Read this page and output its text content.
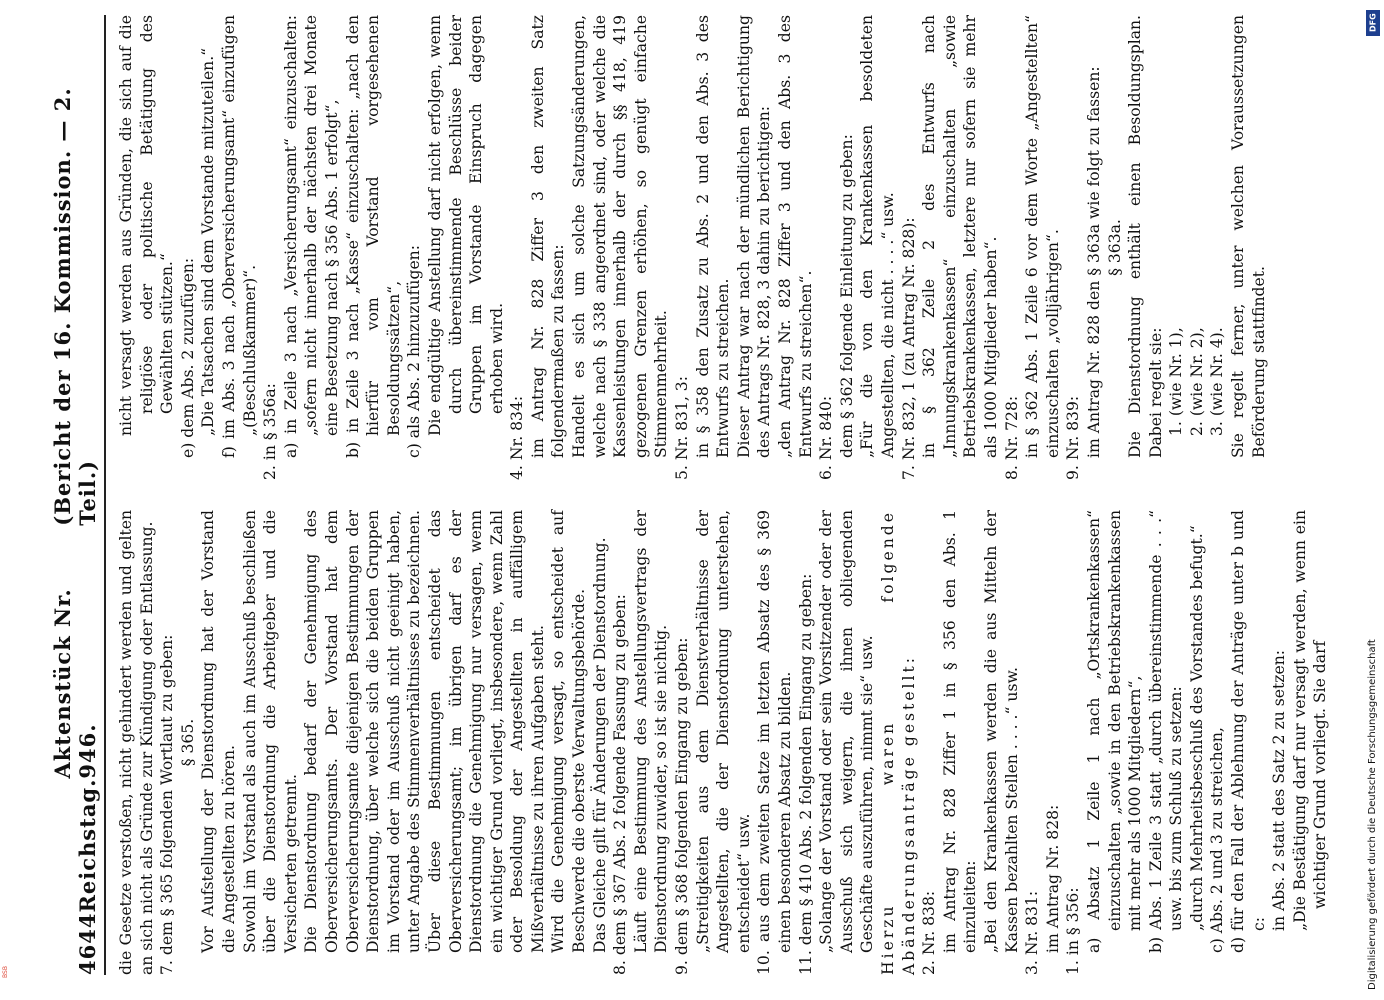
4644
Reichstag.
Aktenstück Nr. 946.
(Bericht der 16. Kommission. — 2. Teil.)

die Gesetze verstoßen, nicht gehindert werden und gelten an sich nicht als Gründe zur Kündigung oder Entlassung. 7. dem § 365 folgenden Wortlaut zu geben: § 365. Vor Aufstellung der Dienstordnung hat der Vorstand die Angestellten zu hören. Sowohl im Vorstand als auch im Ausschuß beschließen über die Dienstordnung die Arbeitgeber und die Versicherten getrennt. Die Dienstordnung bedarf der Genehmigung des Oberversicherungsamts. Der Vorstand hat dem Oberversicherungsamte diejenigen Bestimmungen der Dienstordnung, über welche sich die beiden Gruppen im Vorstand oder im Ausschuß nicht geeinigt haben, unter Angabe des Stimmenverhältnisses zu bezeichnen. Über diese Bestimmungen entscheidet das Oberversicherungsamt; im übrigen darf es der Dienstordnung die Genehmigung nur versagen, wenn ein wichtiger Grund vorliegt, insbesondere, wenn Zahl oder Besoldung der Angestellten in auffälligem Mißverhältnisse zu ihren Aufgaben steht. Wird die Genehmigung versagt, so entscheidet auf Beschwerde die oberste Verwaltungsbehörde. Das Gleiche gilt für Änderungen der Dienstordnung. 8. dem § 367 Abs. 2 folgende Fassung zu geben: Läuft eine Bestimmung des Anstellungsvertrags der Dienstordnung zuwider, so ist sie nichtig. 9. dem § 368 folgenden Eingang zu geben: „Streitigkeiten aus dem Dienstverhältnisse der Angestellten, die der Dienstordnung unterstehen, entscheidet“ usw. 10. aus dem zweiten Satze im letzten Absatz des § 369 einen besonderen Absatz zu bilden. 11. dem § 410 Abs. 2 folgenden Eingang zu geben: „Solange der Vorstand oder sein Vorsitzender oder der Ausschuß sich weigern, die ihnen obliegenden Geschäfte auszuführen, nimmt sie“ usw. Hierzu waren folgende Abänderungsanträge gestellt: 2. Nr. 838: im Antrag Nr. 828 Ziffer 1 in § 356 den Abs. 1 einzuleiten: „Bei den Krankenkassen werden die aus Mitteln der Kassen bezahlten Stellen . . . .“ usw. 3. Nr. 831: im Antrag Nr. 828: 1. in § 356: a) Absatz 1 Zeile 1 nach „Ortskrankenkassen“ einzuschalten „sowie in den Betriebskrankenkassen mit mehr als 1000 Mitgliedern“, b) Abs. 1 Zeile 3 statt „durch übereinstimmende . . .“ usw. bis zum Schluß zu setzen: „durch Mehrheitsbeschluß des Vorstandes befugt.“ c) Abs. 2 und 3 zu streichen, d) für den Fall der Ablehnung der Anträge unter b und c: in Abs. 2 statt des Satz 2 zu setzen: „Die Bestätigung darf nur versagt werden, wenn ein wichtiger Grund vorliegt. Sie darf

nicht versagt werden aus Gründen, die sich auf die religiöse oder politische Betätigung des Gewählten stützen.“ e) dem Abs. 2 zuzufügen: „Die Tatsachen sind dem Vorstande mitzuteilen.“ f) im Abs. 3 nach „Oberversicherungsamt“ einzufügen „(Beschlußkammer)“. 2. in § 356a: a) in Zeile 3 nach „Versicherungsamt“ einzuschalten: „sofern nicht innerhalb der nächsten drei Monate eine Besetzung nach § 356 Abs. 1 erfolgt“, b) in Zeile 3 nach „Kasse“ einzuschalten: „nach den hierfür vom Vorstand vorgesehenen Besoldungssätzen“, c) als Abs. 2 hinzuzufügen: Die endgültige Anstellung darf nicht erfolgen, wenn durch übereinstimmende Beschlüsse beider Gruppen im Vorstande Einspruch dagegen erhoben wird.

4. Nr. 834: im Antrag Nr. 828 Ziffer 3 den zweiten Satz folgendermaßen zu fassen: Handelt es sich um solche Satzungsänderungen, welche nach § 338 angeordnet sind, oder welche die Kassenleistungen innerhalb der durch §§ 418, 419 gezogenen Grenzen erhöhen, so genügt einfache Stimmenmehrheit. 5. Nr. 831, 3: in § 358 den Zusatz zu Abs. 2 und den Abs. 3 des Entwurfs zu streichen. Dieser Antrag war nach der mündlichen Berichtigung des Antrags Nr. 828, 3 dahin zu berichtigen: „den Antrag Nr. 828 Ziffer 3 und den Abs. 3 des Entwurfs zu streichen“. 6. Nr. 840: dem § 362 folgende Einleitung zu geben: „Für die von den Krankenkassen besoldeten Angestellten, die nicht . . . .“ usw. 7. Nr. 832, 1 (zu Antrag Nr. 828): in § 362 Zeile 2 des Entwurfs nach „Innungskrankenkassen“ einzuschalten „sowie Betriebskrankenkassen, letztere nur sofern sie mehr als 1000 Mitglieder haben“. 8. Nr. 728: in § 362 Abs. 1 Zeile 6 vor dem Worte „Angestellten“ einzuschalten „volljährigen“. 9. Nr. 839: im Antrag Nr. 828 den § 363a wie folgt zu fassen: § 363a. Die Dienstordnung enthält einen Besoldungsplan. Dabei regelt sie: 1. (wie Nr. 1), 2. (wie Nr. 2), 3. (wie Nr. 4). Sie regelt ferner, unter welchen Voraussetzungen Beförderung stattfindet.

DFG
Digitalisierung gefördert durch die Deutsche Forschungsgemeinschaft
BSB
